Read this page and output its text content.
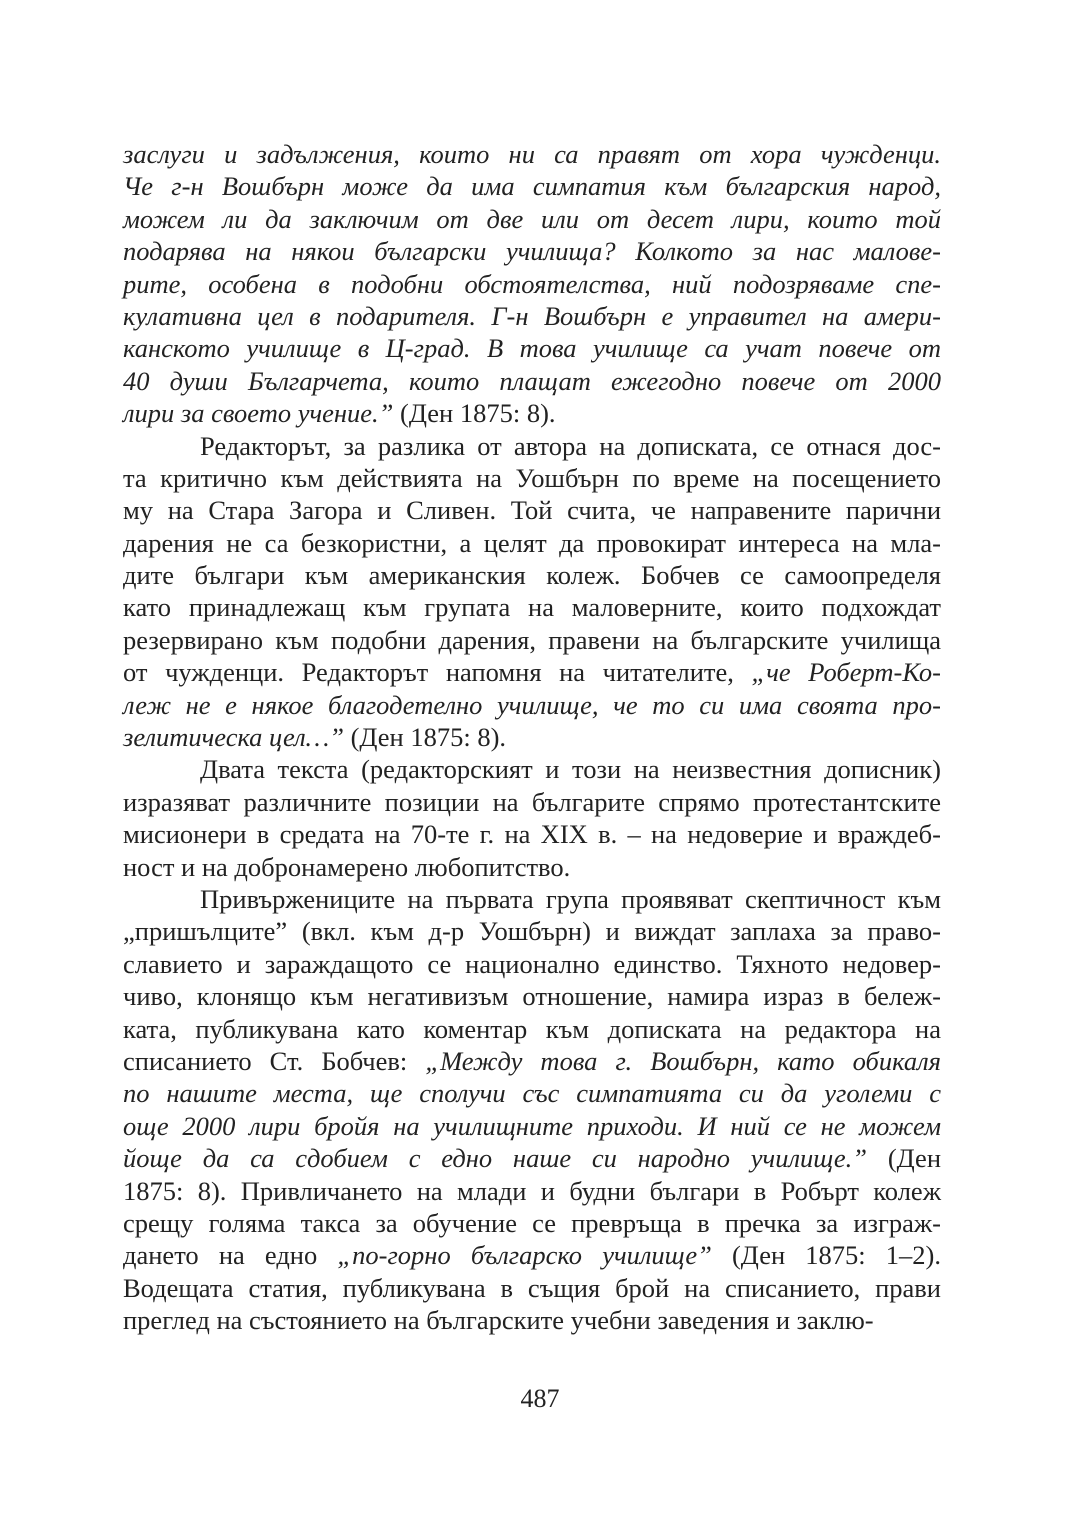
заслуги и задължения, които ни са правят от хора чужденци.
Че г-н Вошбърн може да има симпатия към българския народ,
можем ли да заключим от две или от десет лири, които той
подарява на някои български училища? Колкото за нас малове-
рите, особена в подобни обстоятелства, ний подозряваме спе-
кулативна цел в подарителя. Г-н Вошбърн е управител на амери-
канското училище в Ц-град. В това училище са учат повече от
40 души Българчета, които плащат ежегодно повече от 2000
лири за своето учение.” (Ден 1875: 8).
Редакторът, за разлика от автора на дописката, се отнася дос-
та критично към действията на Уошбърн по време на посещението
му на Стара Загора и Сливен. Той счита, че направените парични
дарения не са безкористни, а целят да провокират интереса на мла-
дите българи към американския колеж. Бобчев се самоопределя
като принадлежащ към групата на маловерните, които подхождат
резервирано към подобни дарения, правени на българските училища
от чужденци. Редакторът напомня на читателите, „че Роберт-Ко-
леж не е някое благодетелно училище, че то си има своята про-
зелитическа цел…” (Ден 1875: 8).
Двата текста (редакторският и този на неизвестния дописник)
изразяват различните позиции на българите спрямо протестантските
мисионери в средата на 70-те г. на XIX в. – на недоверие и враждеб-
ност и на добронамерено любопитство.
Привържениците на първата група проявяват скептичност към
„пришълците” (вкл. към д-р Уошбърн) и виждат заплаха за право-
славието и зараждащото се национално единство. Тяхното недовер-
чиво, клонящо към негативизъм отношение, намира израз в бележ-
ката, публикувана като коментар към дописката на редактора на
списанието Ст. Бобчев: „Между това г. Вошбърн, като обикаля
по нашите места, ще сполучи със симпатията си да уголеми с
още 2000 лири бройя на училищните приходи. И ний се не можем
йоще да са сдобием с едно наше си народно училище.” (Ден
1875: 8). Привличането на млади и будни българи в Робърт колеж
срещу голяма такса за обучение се превръща в пречка за изграж-
дането на едно „по-горно българско училище” (Ден 1875: 1–2).
Водещата статия, публикувана в същия брой на списанието, прави
преглед на състоянието на българските учебни заведения и заклю-
487
